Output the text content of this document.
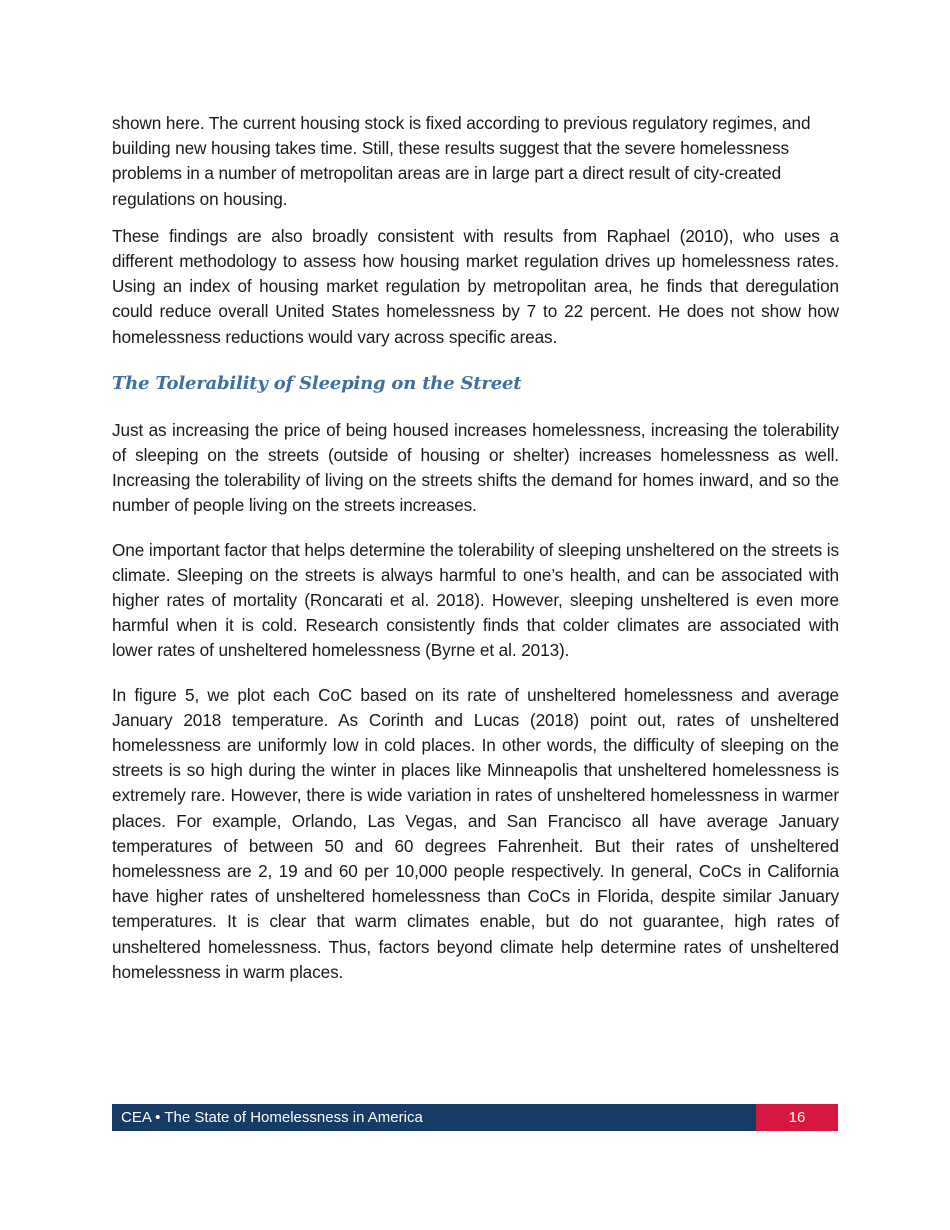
shown here. The current housing stock is fixed according to previous regulatory regimes, and building new housing takes time. Still, these results suggest that the severe homelessness problems in a number of metropolitan areas are in large part a direct result of city-created regulations on housing.

These findings are also broadly consistent with results from Raphael (2010), who uses a different methodology to assess how housing market regulation drives up homelessness rates. Using an index of housing market regulation by metropolitan area, he finds that deregulation could reduce overall United States homelessness by 7 to 22 percent. He does not show how homelessness reductions would vary across specific areas.

The Tolerability of Sleeping on the Street

Just as increasing the price of being housed increases homelessness, increasing the tolerability of sleeping on the streets (outside of housing or shelter) increases homelessness as well. Increasing the tolerability of living on the streets shifts the demand for homes inward, and so the number of people living on the streets increases.

One important factor that helps determine the tolerability of sleeping unsheltered on the streets is climate. Sleeping on the streets is always harmful to one’s health, and can be associated with higher rates of mortality (Roncarati et al. 2018). However, sleeping unsheltered is even more harmful when it is cold. Research consistently finds that colder climates are associated with lower rates of unsheltered homelessness (Byrne et al. 2013).

In figure 5, we plot each CoC based on its rate of unsheltered homelessness and average January 2018 temperature. As Corinth and Lucas (2018) point out, rates of unsheltered homelessness are uniformly low in cold places. In other words, the difficulty of sleeping on the streets is so high during the winter in places like Minneapolis that unsheltered homelessness is extremely rare. However, there is wide variation in rates of unsheltered homelessness in warmer places. For example, Orlando, Las Vegas, and San Francisco all have average January temperatures of between 50 and 60 degrees Fahrenheit. But their rates of unsheltered homelessness are 2, 19 and 60 per 10,000 people respectively. In general, CoCs in California have higher rates of unsheltered homelessness than CoCs in Florida, despite similar January temperatures. It is clear that warm climates enable, but do not guarantee, high rates of unsheltered homelessness. Thus, factors beyond climate help determine rates of unsheltered homelessness in warm places.

CEA • The State of Homelessness in America	16
